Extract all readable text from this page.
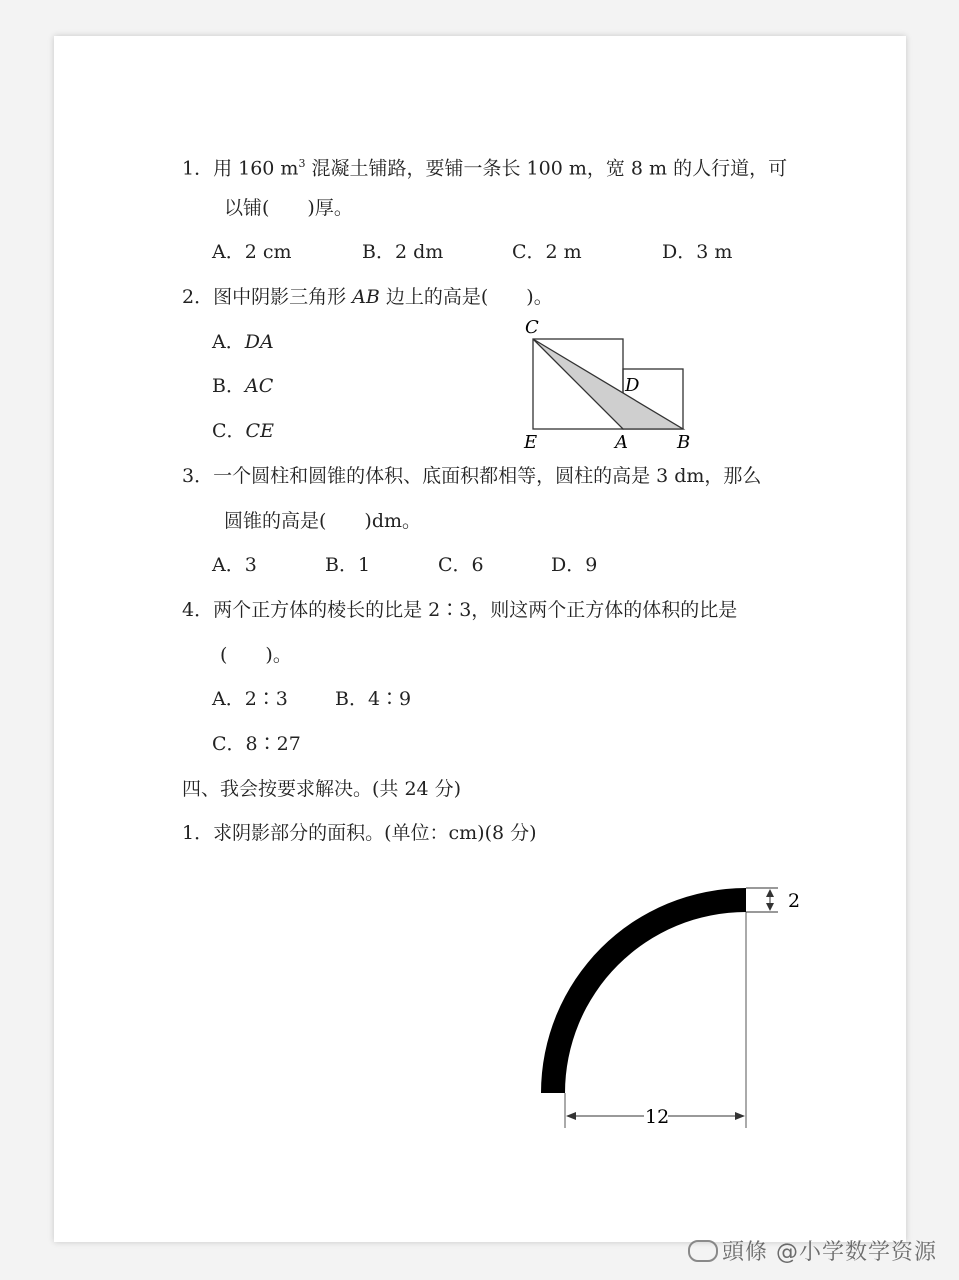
1．用 160 $m^3$ 混凝土铺路，要铺一条长 100 m，宽 8 m 的人行道，可
以铺(　　)厚。
A．2 cm	B．2 dm	C．2 m	D．3 m
2．图中阴影三角形 AB 边上的高是(　　)。
A．DA
B．AC
C．CE
C
D
E	A	B
3．一个圆柱和圆锥的体积、底面积都相等，圆柱的高是 3 dm，那么
圆锥的高是(　　)dm。
A．3	B．1	C．6	D．9
4．两个正方体的棱长的比是 2∶3，则这两个正方体的体积的比是
(　　)。
A．2∶3 B．4∶9
C．8∶27
四、我会按要求解决。(共 24 分)
1．求阴影部分的面积。(单位：cm)(8 分)
2
12
頭條 @小学数学资源
